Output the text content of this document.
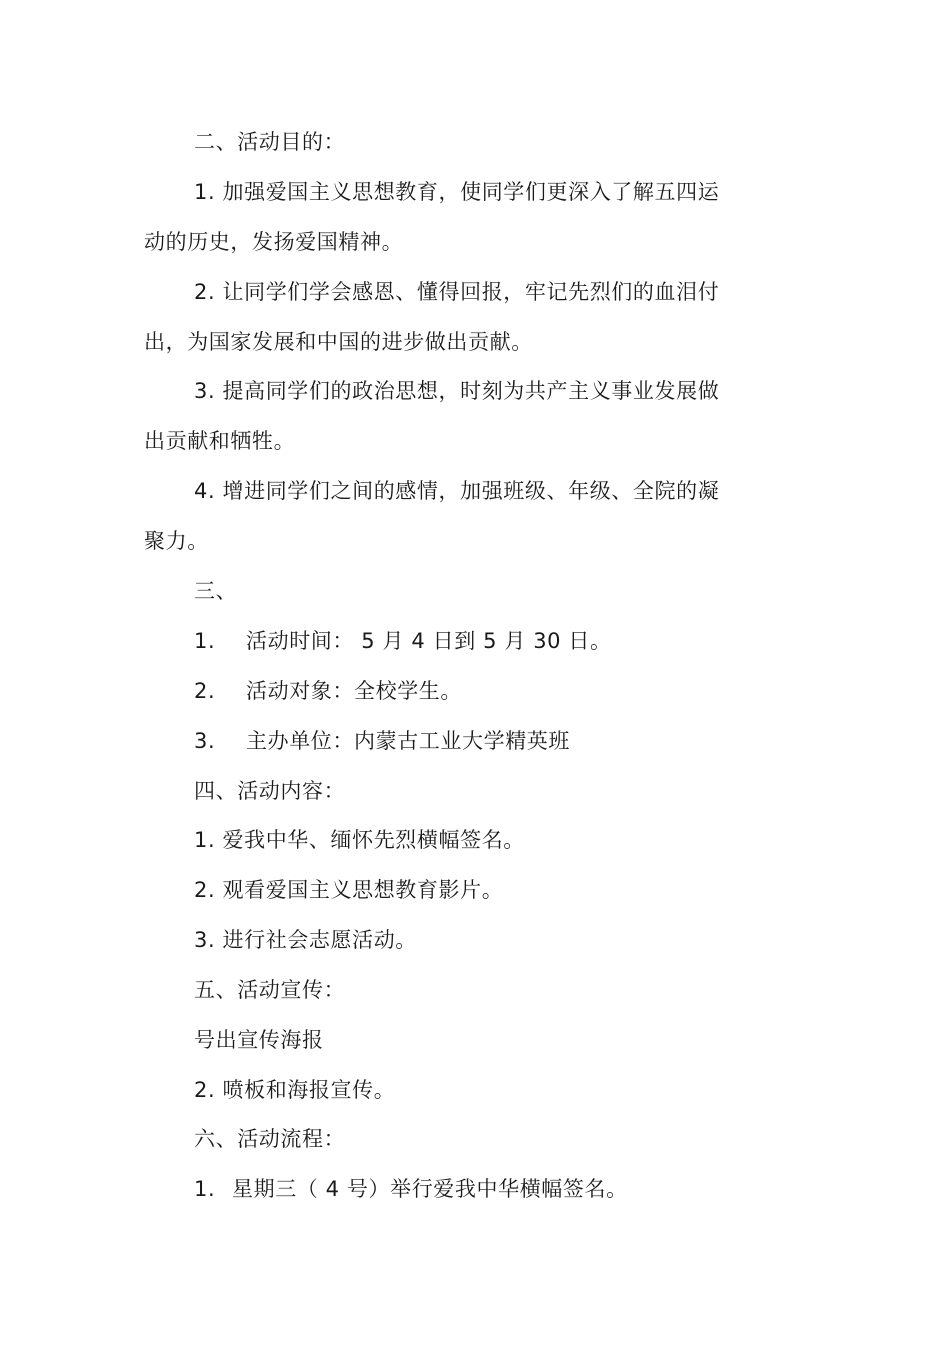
二、活动目的：
1. 加强爱国主义思想教育，使同学们更深入了解五四运
动的历史，发扬爱国精神。
2. 让同学们学会感恩、懂得回报，牢记先烈们的血泪付
出，为国家发展和中国的进步做出贡献。
3. 提高同学们的政治思想，时刻为共产主义事业发展做
出贡献和牺牲。
4. 增进同学们之间的感情，加强班级、年级、全院的凝
聚力。
三、
1. 活动时间： 5 月 4 日到 5 月 30 日。
2. 活动对象：全校学生。
3. 主办单位：内蒙古工业大学精英班
四、活动内容：
1. 爱我中华、缅怀先烈横幅签名。
2. 观看爱国主义思想教育影片。
3. 进行社会志愿活动。
五、活动宣传：
号出宣传海报
2. 喷板和海报宣传。
六、活动流程：
1. 星期三（ 4 号）举行爱我中华横幅签名。
